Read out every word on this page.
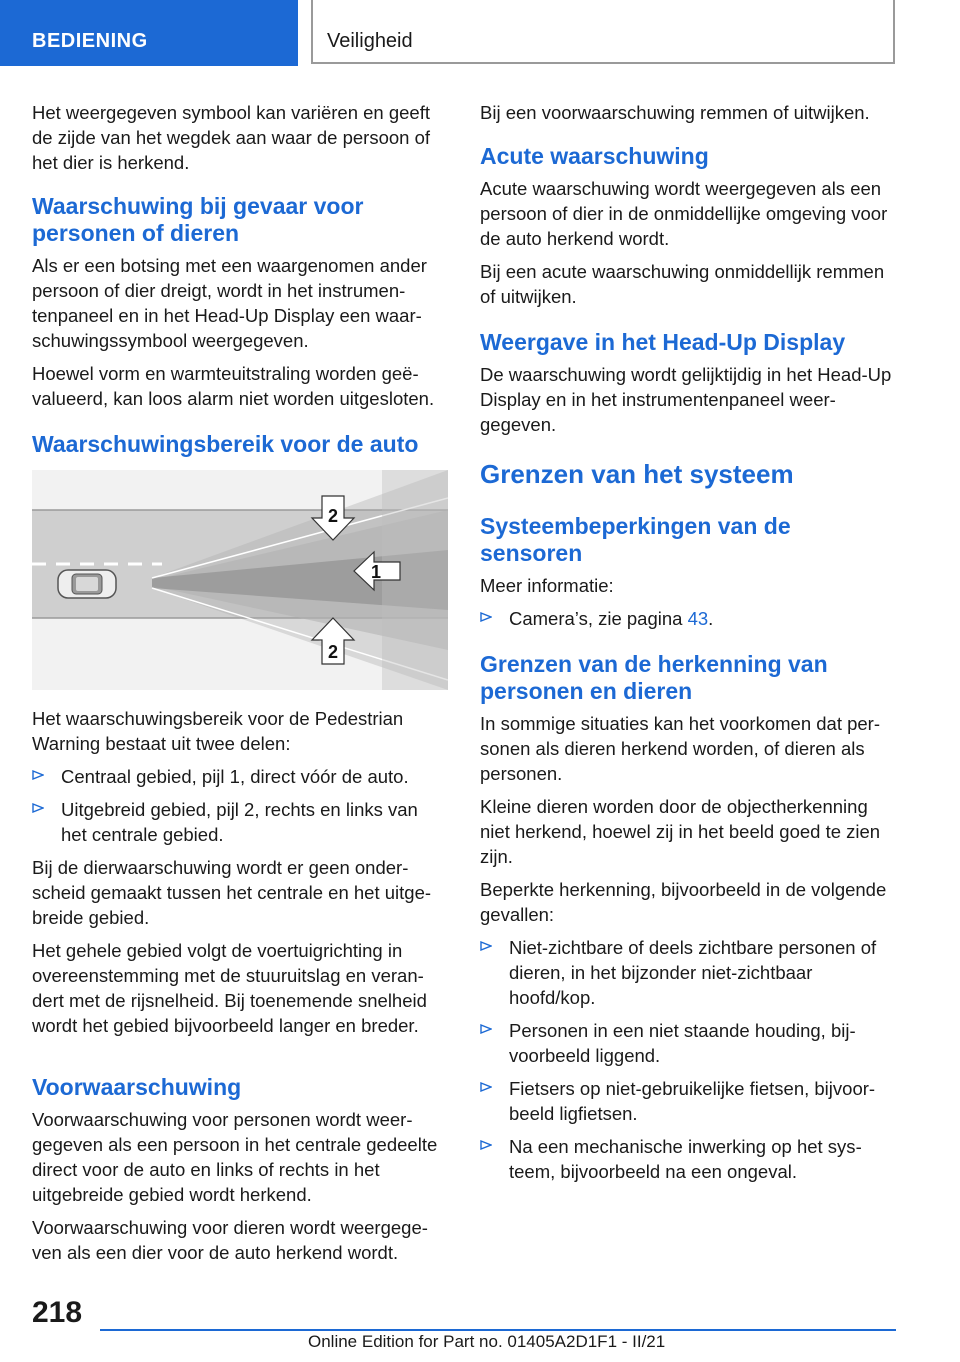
BEDIENING	Veiligheid

Het weergegeven symbool kan variëren en geeft de zijde van het wegdek aan waar de persoon of het dier is herkend.

Waarschuwing bij gevaar voor personen of dieren

Als er een botsing met een waargenomen ander persoon of dier dreigt, wordt in het instrumentenpaneel en in het Head-Up Display een waarschuwingssymbool weergegeven.

Hoewel vorm en warmteuitstraling worden geëvalueerd, kan loos alarm niet worden uitgesloten.

Waarschuwingsbereik voor de auto
2
1
2

Het waarschuwingsbereik voor de Pedestrian Warning bestaat uit twee delen:

Centraal gebied, pijl 1, direct vóór de auto.
Uitgebreid gebied, pijl 2, rechts en links van het centrale gebied.

Bij de dierwaarschuwing wordt er geen onderscheid gemaakt tussen het centrale en het uitgebreide gebied.

Het gehele gebied volgt de voertuigrichting in overeenstemming met de stuuruitslag en verandert met de rijsnelheid. Bij toenemende snelheid wordt het gebied bijvoorbeeld langer en breder.

Voorwaarschuwing

Voorwaarschuwing voor personen wordt weergegeven als een persoon in het centrale gedeelte direct voor de auto en links of rechts in het uitgebreide gebied wordt herkend.

Voorwaarschuwing voor dieren wordt weergegeven als een dier voor de auto herkend wordt.

Bij een voorwaarschuwing remmen of uitwijken.

Acute waarschuwing

Acute waarschuwing wordt weergegeven als een persoon of dier in de onmiddellijke omgeving voor de auto herkend wordt.

Bij een acute waarschuwing onmiddellijk remmen of uitwijken.

Weergave in het Head-Up Display

De waarschuwing wordt gelijktijdig in het Head-Up Display en in het instrumentenpaneel weergegeven.

Grenzen van het systeem
Systeembeperkingen van de sensoren

Meer informatie:

Camera’s, zie pagina 43.
Grenzen van de herkenning van personen en dieren

In sommige situaties kan het voorkomen dat personen als dieren herkend worden, of dieren als personen.

Kleine dieren worden door de objectherkenning niet herkend, hoewel zij in het beeld goed te zien zijn.

Beperkte herkenning, bijvoorbeeld in de volgende gevallen:

Niet-zichtbare of deels zichtbare personen of dieren, in het bijzonder niet-zichtbaar hoofd/kop.
Personen in een niet staande houding, bijvoorbeeld liggend.
Fietsers op niet-gebruikelijke fietsen, bijvoorbeeld ligfietsen.
Na een mechanische inwerking op het systeem, bijvoorbeeld na een ongeval.
218
Online Edition for Part no. 01405A2D1F1 - II/21
